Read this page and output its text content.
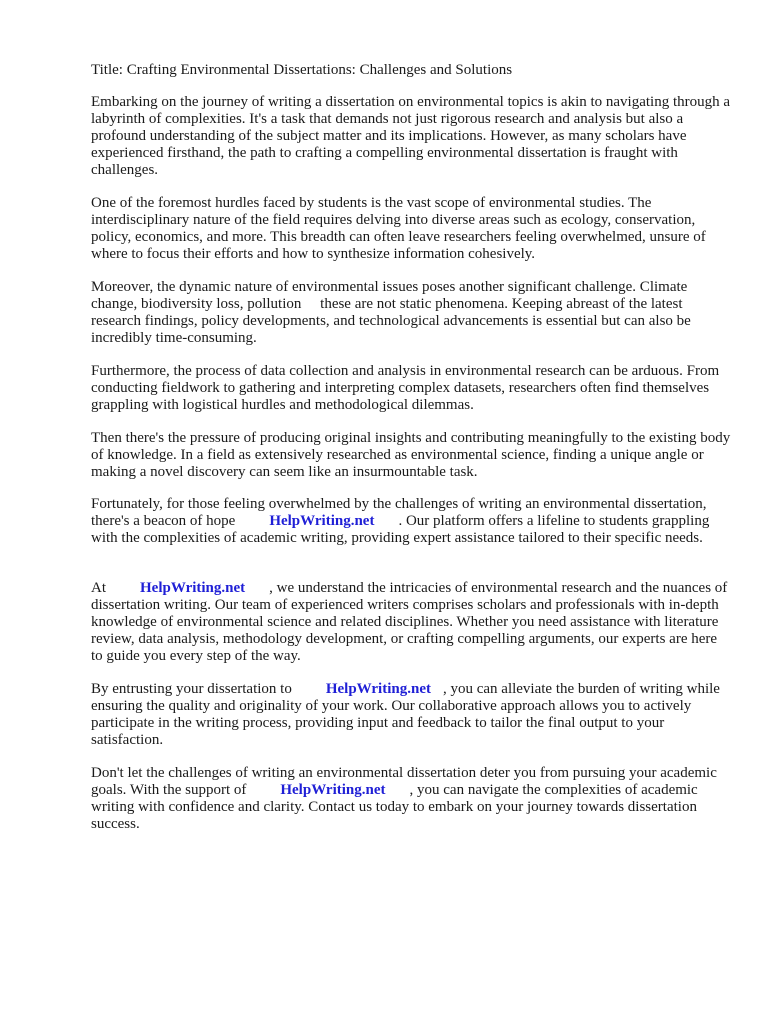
Title: Crafting Environmental Dissertations: Challenges and Solutions

Embarking on the journey of writing a dissertation on environmental topics is akin to navigating through a labyrinth of complexities. It's a task that demands not just rigorous research and analysis but also a profound understanding of the subject matter and its implications. However, as many scholars have experienced firsthand, the path to crafting a compelling environmental dissertation is fraught with challenges.

One of the foremost hurdles faced by students is the vast scope of environmental studies. The interdisciplinary nature of the field requires delving into diverse areas such as ecology, conservation, policy, economics, and more. This breadth can often leave researchers feeling overwhelmed, unsure of where to focus their efforts and how to synthesize information cohesively.

Moreover, the dynamic nature of environmental issues poses another significant challenge. Climate change, biodiversity loss, pollution  these are not static phenomena. Keeping abreast of the latest research findings, policy developments, and technological advancements is essential but can also be incredibly time-consuming.

Furthermore, the process of data collection and analysis in environmental research can be arduous. From conducting fieldwork to gathering and interpreting complex datasets, researchers often find themselves grappling with logistical hurdles and methodological dilemmas.

Then there's the pressure of producing original insights and contributing meaningfully to the existing body of knowledge. In a field as extensively researched as environmental science, finding a unique angle or making a novel discovery can seem like an insurmountable task.

Fortunately, for those feeling overwhelmed by the challenges of writing an environmental dissertation, there's a beacon of hope HelpWriting.net . Our platform offers a lifeline to students grappling with the complexities of academic writing, providing expert assistance tailored to their specific needs.

At HelpWriting.net , we understand the intricacies of environmental research and the nuances of dissertation writing. Our team of experienced writers comprises scholars and professionals with in-depth knowledge of environmental science and related disciplines. Whether you need assistance with literature review, data analysis, methodology development, or crafting compelling arguments, our experts are here to guide you every step of the way.

By entrusting your dissertation to HelpWriting.net , you can alleviate the burden of writing while ensuring the quality and originality of your work. Our collaborative approach allows you to actively participate in the writing process, providing input and feedback to tailor the final output to your satisfaction.

Don't let the challenges of writing an environmental dissertation deter you from pursuing your academic goals. With the support of HelpWriting.net , you can navigate the complexities of academic writing with confidence and clarity. Contact us today to embark on your journey towards dissertation success.
